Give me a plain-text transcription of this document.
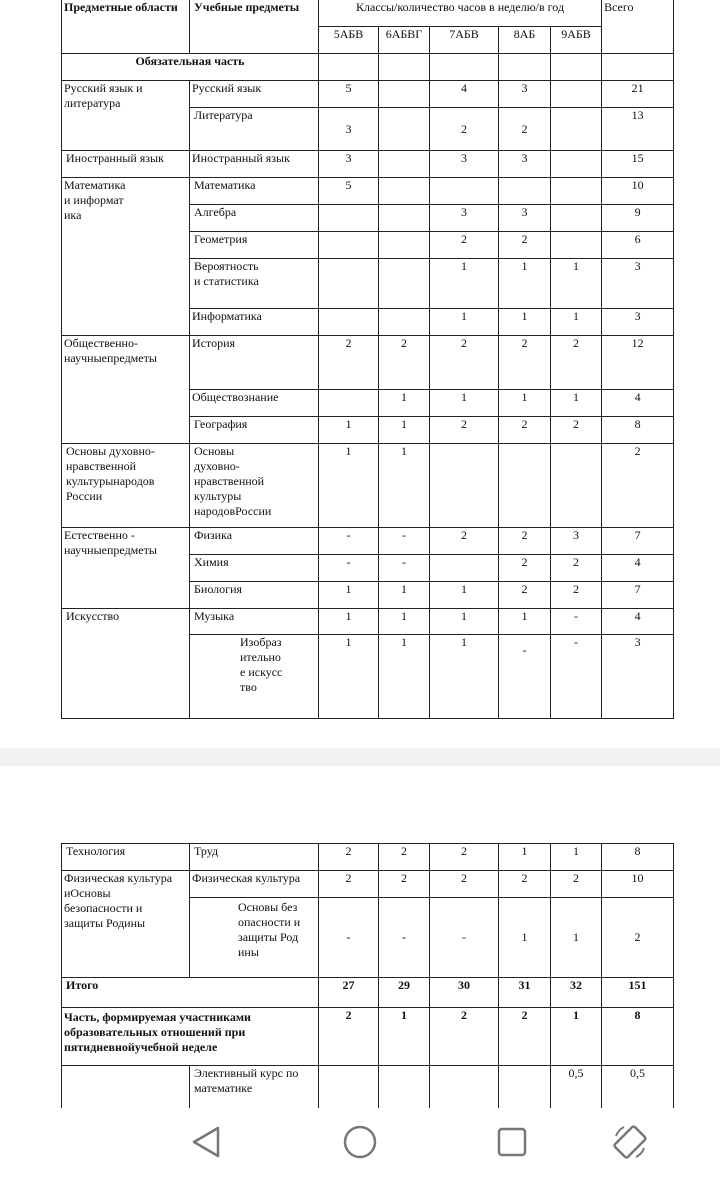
Предметные области	Учебные предметы	Классы/количество часов в неделю/в год					Всего
		5АБВ	6АБВГ	7АБВ	8АБ	9АБВ	
Обязательная часть							
Русский язык и литература	Русский язык	5		4	3		21
	Литература	3		2	2		13
Иностранный язык	Иностранный язык	3		3	3		15

Математика и информатика	Математика	5					10
	Алгебра			3	3		9
	Геометрия			2	2		6

	Вероятность и статистика			1	1	1	3
	Информатика			1	1	1	3

Общественно-научныепредметы	История	2	2	2	2	2	12
	Обществознание		1	1	1	1	4
	География	1	1	2	2	2	8

Основы духовно-нравственной культурынародов России	Основы духовно-нравственной культуры народовРоссии	1	1				2

Естественно - научныепредметы	Физика	-	-	2	2	3	7
	Химия	-	-		2	2	4
	Биология	1	1	1	2	2	7
Искусство	Музыка	1	1	1	1	-	4

	Изобразительное искусство	1	1	1	-	-	3
Технология	Труд	2	2	2	1	1	8

Физическая культура иОсновы безопасности и защиты Родины	Физическая культура	2	2	2	2	2	10

	Основы безопасности и защиты Родины	-	-	-	1	1	2
Итого		27	29	30	31	32	151

Часть, формируемая участниками образовательных отношений при пятидневнойучебной неделе		2	1	2	2	1	8

	Элективный курс по математике					0,5	0,5
